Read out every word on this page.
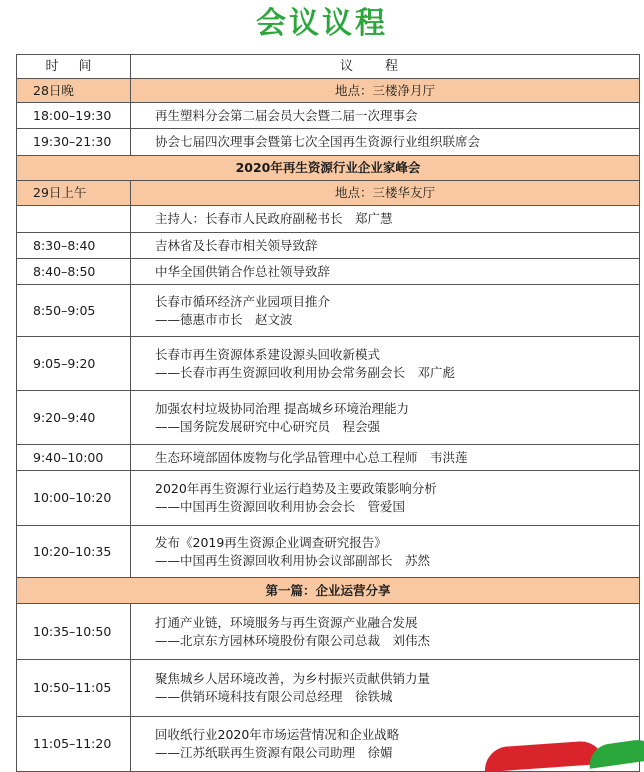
会议议程
时间	议程
28日晚	地点：三楼净月厅
18:00–19:30	再生塑料分会第二届会员大会暨二届一次理事会

19:30–21:30	协会七届四次理事会暨第七次全国再生资源行业组织联席会

2020年再生资源行业企业家峰会	
29日上午	地点：三楼华友厅

	主持人：长春市人民政府副秘书长　郑广慧

8:30–8:40	吉林省及长春市相关领导致辞

8:40–8:50	中华全国供销合作总社领导致辞

8:50–9:05	长春市循环经济产业园项目推介
——德惠市市长　赵文波

9:05–9:20	长春市再生资源体系建设源头回收新模式
——长春市再生资源回收利用协会常务副会长　邓广彪

9:20–9:40	加强农村垃圾协同治理 提高城乡环境治理能力
——国务院发展研究中心研究员　程会强

9:40–10:00	生态环境部固体废物与化学品管理中心总工程师　韦洪莲

10:00–10:20	2020年再生资源行业运行趋势及主要政策影响分析
——中国再生资源回收利用协会会长　管爱国

10:20–10:35	发布《2019再生资源企业调查研究报告》
——中国再生资源回收利用协会议部副部长　苏然

第一篇：企业运营分享	
10:35–10:50	打通产业链，环境服务与再生资源产业融合发展
——北京东方园林环境股份有限公司总裁　刘伟杰

10:50–11:05	聚焦城乡人居环境改善，为乡村振兴贡献供销力量
——供销环境科技有限公司总经理　徐铁城

11:05–11:20	回收纸行业2020年市场运营情况和企业战略
——江苏纸联再生资源有限公司助理　徐媚
